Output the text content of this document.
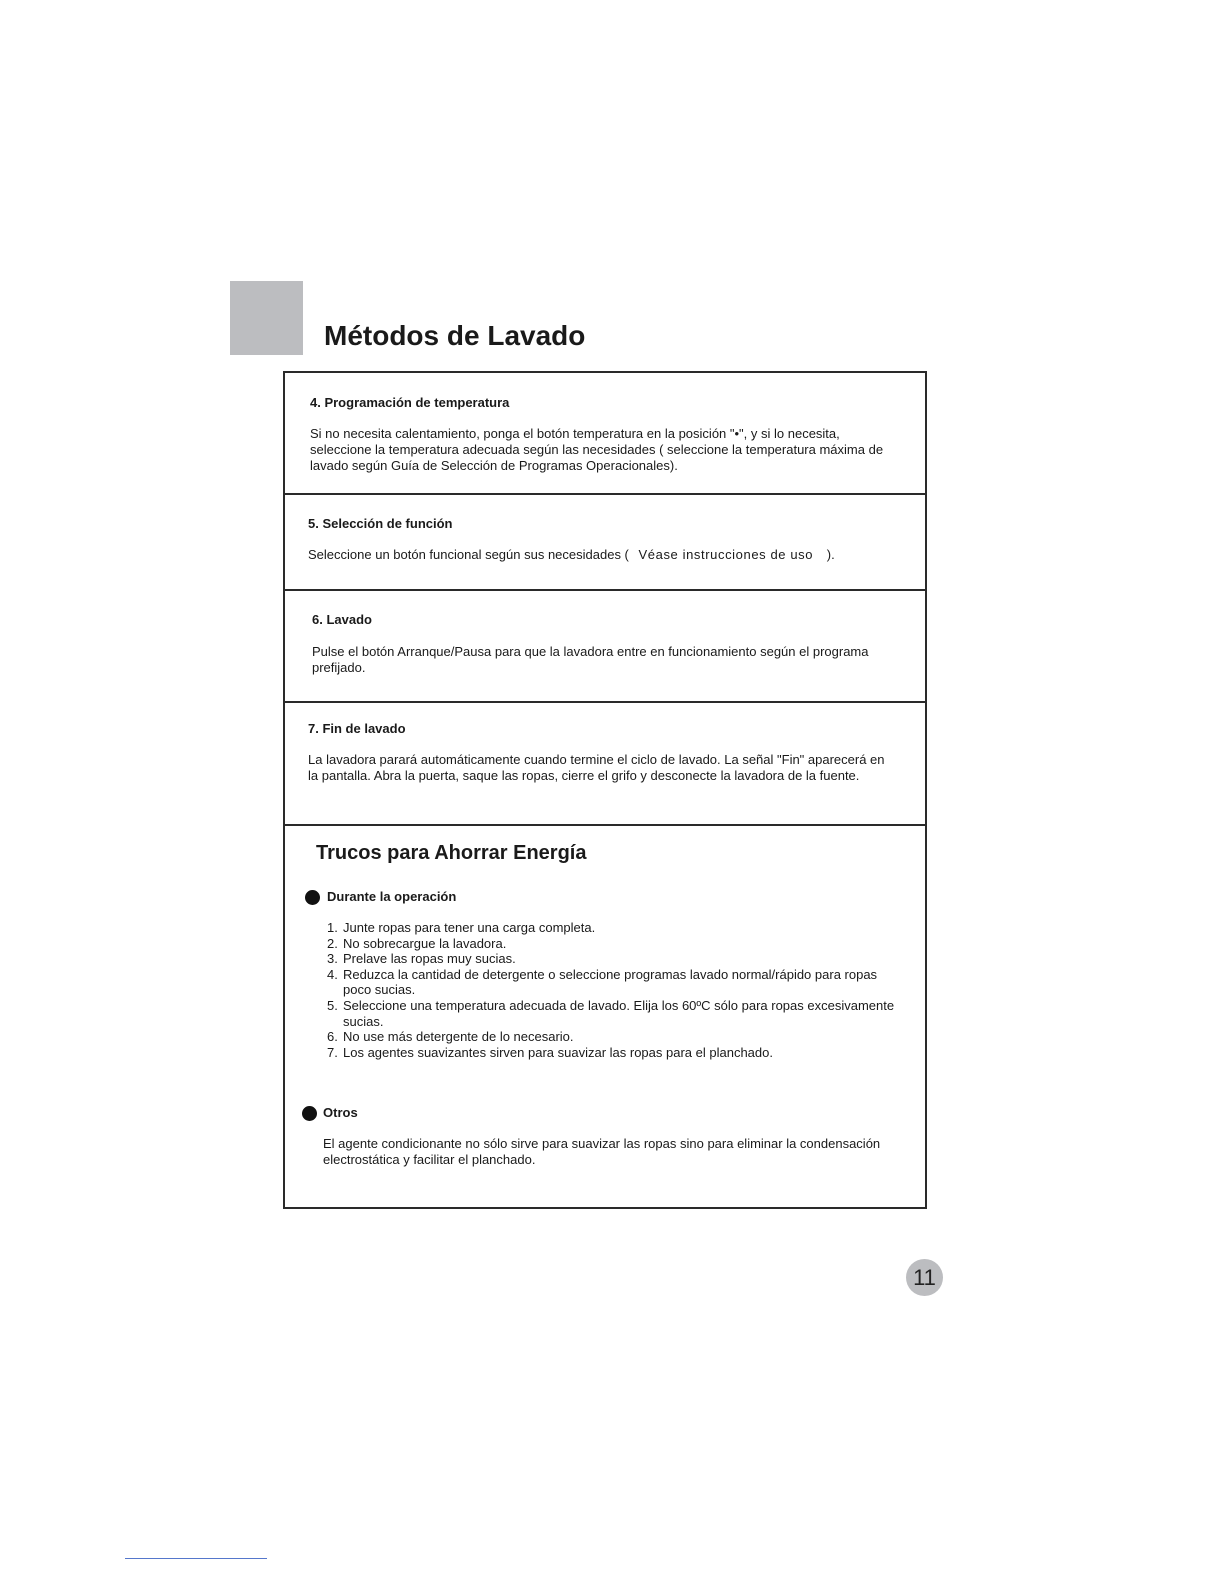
Métodos de Lavado
4. Programación de temperatura

Si no necesita calentamiento, ponga el botón temperatura en la posición "•", y si lo necesita, seleccione la temperatura adecuada según las necesidades ( seleccione la temperatura máxima de lavado según Guía de Selección de Programas Operacionales).

5. Selección de función

Seleccione un botón funcional según sus necesidades ( Véase instrucciones de uso ).

6. Lavado

Pulse el botón Arranque/Pausa para que la lavadora entre en funcionamiento según el programa prefijado.

7. Fin de lavado

La lavadora parará automáticamente cuando termine el ciclo de lavado. La señal "Fin" aparecerá en la pantalla. Abra la puerta, saque las ropas, cierre el grifo y desconecte la lavadora de la fuente.

Trucos para Ahorrar Energía
Durante la operación
1. Junte ropas para tener una carga completa.
2. No sobrecargue la lavadora.
3. Prelave las ropas muy sucias.
4. Reduzca la cantidad de detergente o seleccione programas lavado normal/rápido para ropas poco sucias.
5. Seleccione una temperatura adecuada de lavado. Elija los 60ºC sólo para ropas excesivamente sucias.
6. No use más detergente de lo necesario.
7. Los agentes suavizantes sirven para suavizar las ropas para el planchado.
Otros

El agente condicionante no sólo sirve para suavizar las ropas sino para eliminar la condensación electrostática y facilitar el planchado.

11
